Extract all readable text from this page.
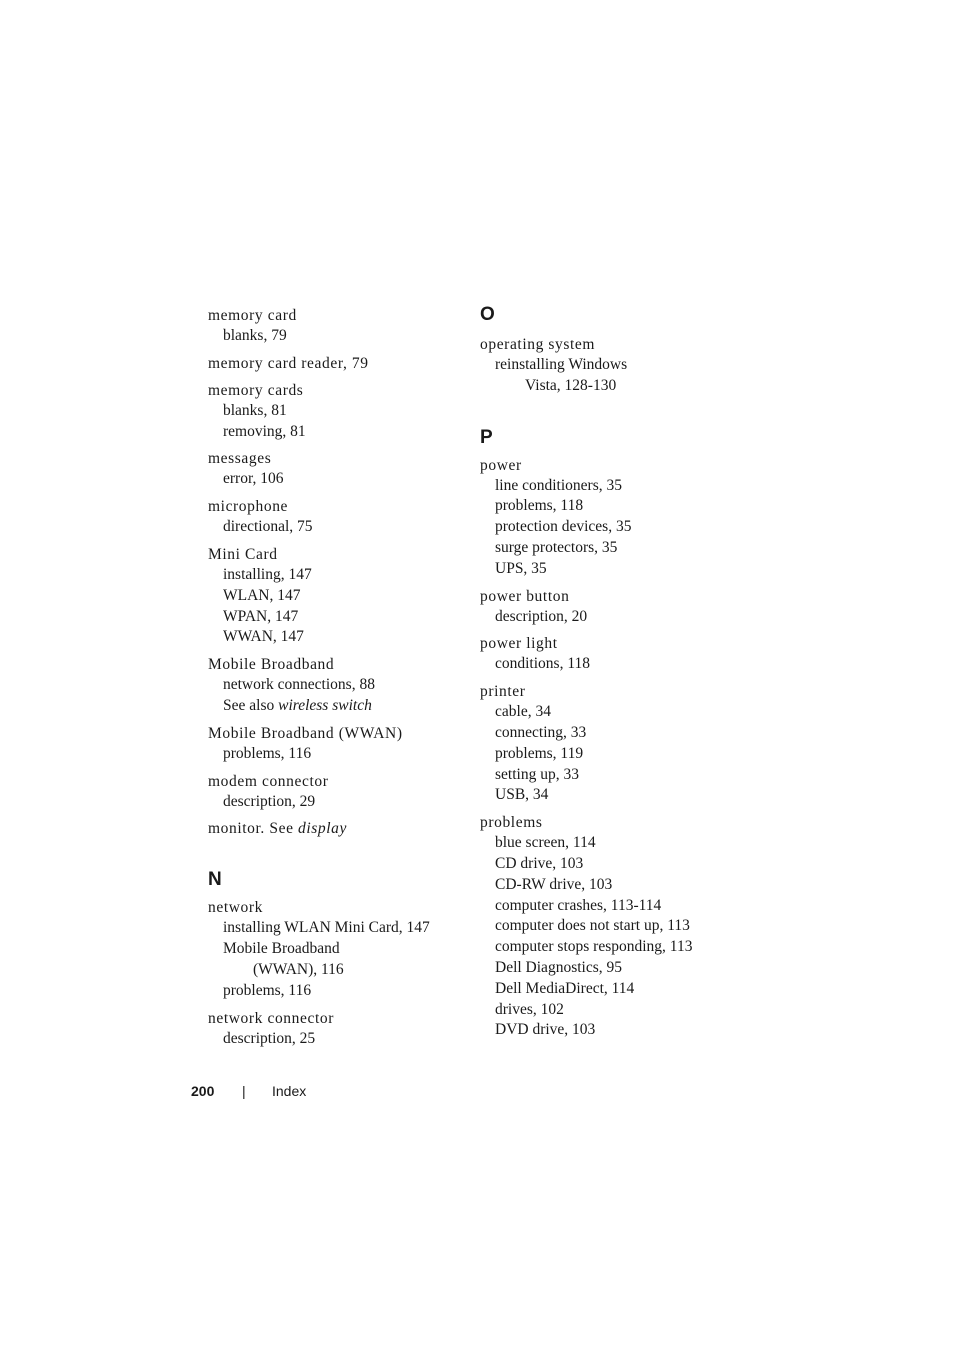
memory card
blanks, 79
memory card reader, 79
memory cards
blanks, 81
removing, 81
messages
error, 106
microphone
directional, 75
Mini Card
installing, 147
WLAN, 147
WPAN, 147
WWAN, 147
Mobile Broadband
network connections, 88
See also wireless switch
Mobile Broadband (WWAN)
problems, 116
modem connector
description, 29
monitor. See display
N
network
installing WLAN Mini Card, 147
Mobile Broadband
(WWAN), 116
problems, 116
network connector
description, 25
O
operating system
reinstalling Windows
Vista, 128-130
P
power
line conditioners, 35
problems, 118
protection devices, 35
surge protectors, 35
UPS, 35
power button
description, 20
power light
conditions, 118
printer
cable, 34
connecting, 33
problems, 119
setting up, 33
USB, 34
problems
blue screen, 114
CD drive, 103
CD-RW drive, 103
computer crashes, 113-114
computer does not start up, 113
computer stops responding, 113
Dell Diagnostics, 95
Dell MediaDirect, 114
drives, 102
DVD drive, 103
200 | Index
